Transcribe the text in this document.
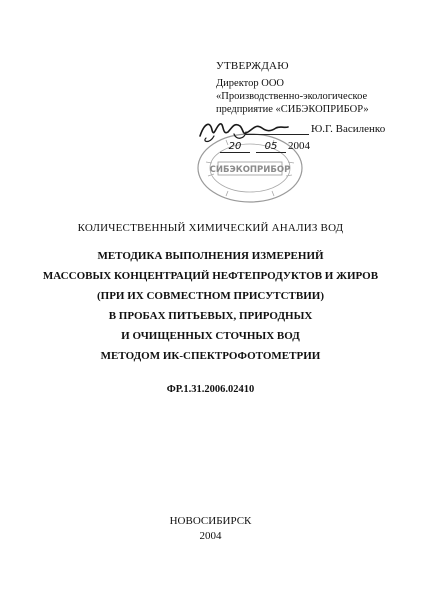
УТВЕРЖДАЮ
Директор ООО
«Производственно-экологическое
предприятие «СИБЭКОПРИБОР»
СИБЭКОПРИБОР
Ю.Г. Василенко
20 05 2004
КОЛИЧЕСТВЕННЫЙ ХИМИЧЕСКИЙ АНАЛИЗ ВОД
МЕТОДИКА ВЫПОЛНЕНИЯ ИЗМЕРЕНИЙ
МАССОВЫХ КОНЦЕНТРАЦИЙ НЕФТЕПРОДУКТОВ И ЖИРОВ
(ПРИ ИХ СОВМЕСТНОМ ПРИСУТСТВИИ)
В ПРОБАХ ПИТЬЕВЫХ, ПРИРОДНЫХ
И ОЧИЩЕННЫХ СТОЧНЫХ ВОД
МЕТОДОМ ИК-СПЕКТРОФОТОМЕТРИИ
ФР.1.31.2006.02410
НОВОСИБИРСК
2004
